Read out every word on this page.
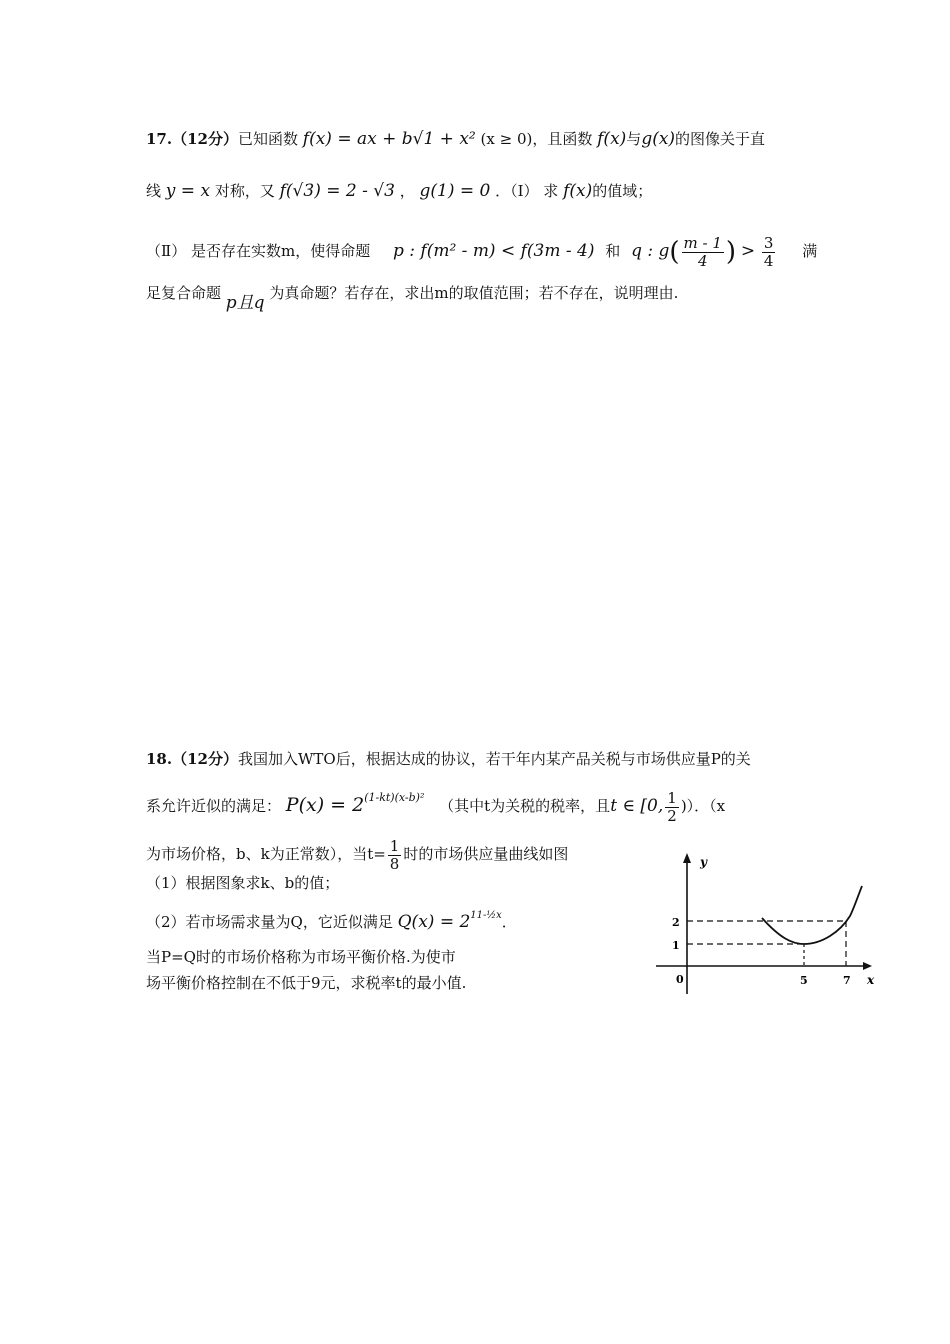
17.（12分）已知函数 f(x) = ax + b√1 + x² (x ≥ 0)，且函数 f(x)与g(x)的图像关于直
线 y = x 对称，又 f(√3) = 2 - √3 ， g(1) = 0 ．（Ⅰ） 求 f(x)的值域；
（Ⅱ） 是否存在实数m，使得命题 p : f(m² - m) < f(3m - 4) 和 q : $g( \frac{m - 1}{4}$ ) > $\frac{3}{4}$ 满
足复合命题 p且q 为真命题？若存在，求出m的取值范围；若不存在，说明理由.
18.（12分）我国加入WTO后，根据达成的协议，若干年内某产品关税与市场供应量P的关
系允许近似的满足： $P(x) = 2^{(1-kt)(x-b)^2}$ （其中t为关税的税率，且t ∈ [0, $\frac{1}{2}$ )）．（x
为市场价格，b、k为正常数），当$t= \frac{1}{8}$ 时的市场供应量曲线如图
（1）根据图象求k、b的值；
（2）若市场需求量为Q，它近似满足 $Q(x) = 2^{11-\frac{1}{2}x}$．
当P=Q时的市场价格称为市场平衡价格.为使市
场平衡价格控制在不低于9元，求税率t的最小值.
y
x
0
2
1
5	7
